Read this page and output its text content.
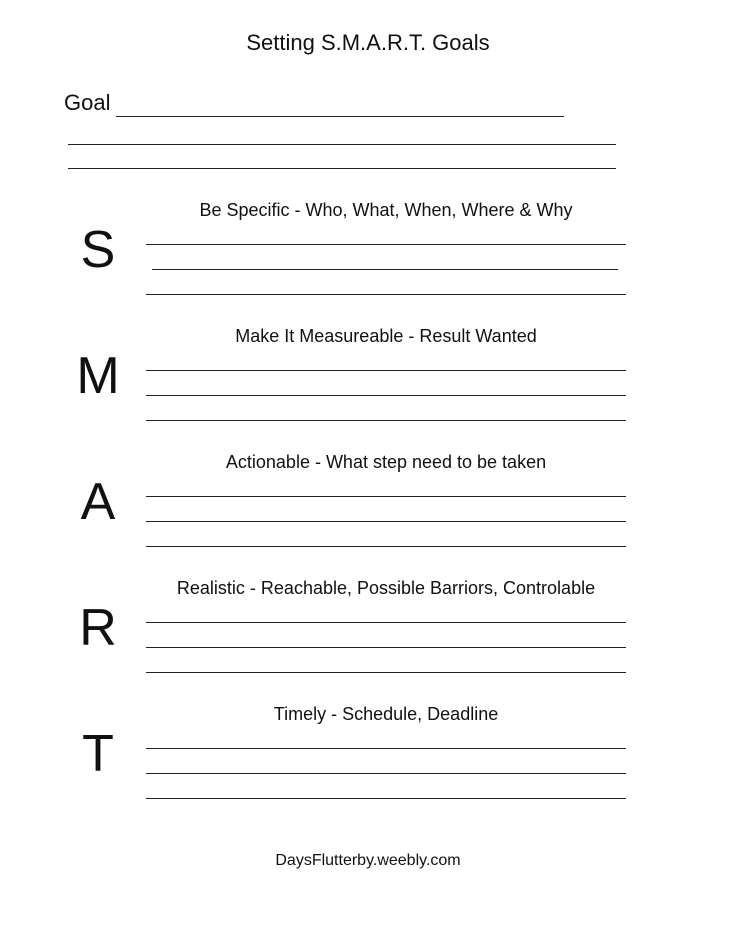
Setting S.M.A.R.T. Goals
Goal
Be Specific - Who, What, When, Where & Why
S
Make It Measureable - Result Wanted
M
Actionable - What step need to be taken
A
Realistic - Reachable, Possible Barriors, Controlable
R
Timely - Schedule, Deadline
T
DaysFlutterby.weebly.com
